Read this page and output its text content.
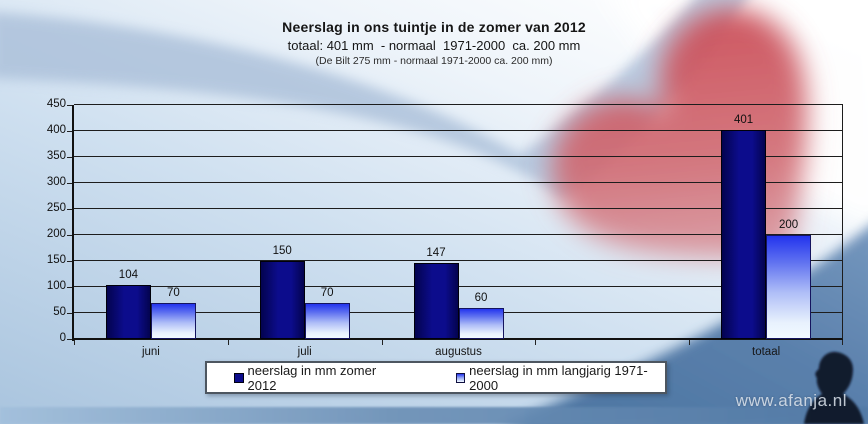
Neerslag in ons tuintje in de zomer van 2012
totaal: 401 mm  - normaal  1971-2000  ca. 200 mm
(De Bilt 275 mm - normaal 1971-2000 ca. 200 mm)
0
50
100
150
200
250
300
350
400
450
104
70
juni
150
70
juli
147
60
augustus
401
200
totaal
neerslag in mm zomer 2012
neerslag in mm langjarig 1971-2000
www.afanja.nl
